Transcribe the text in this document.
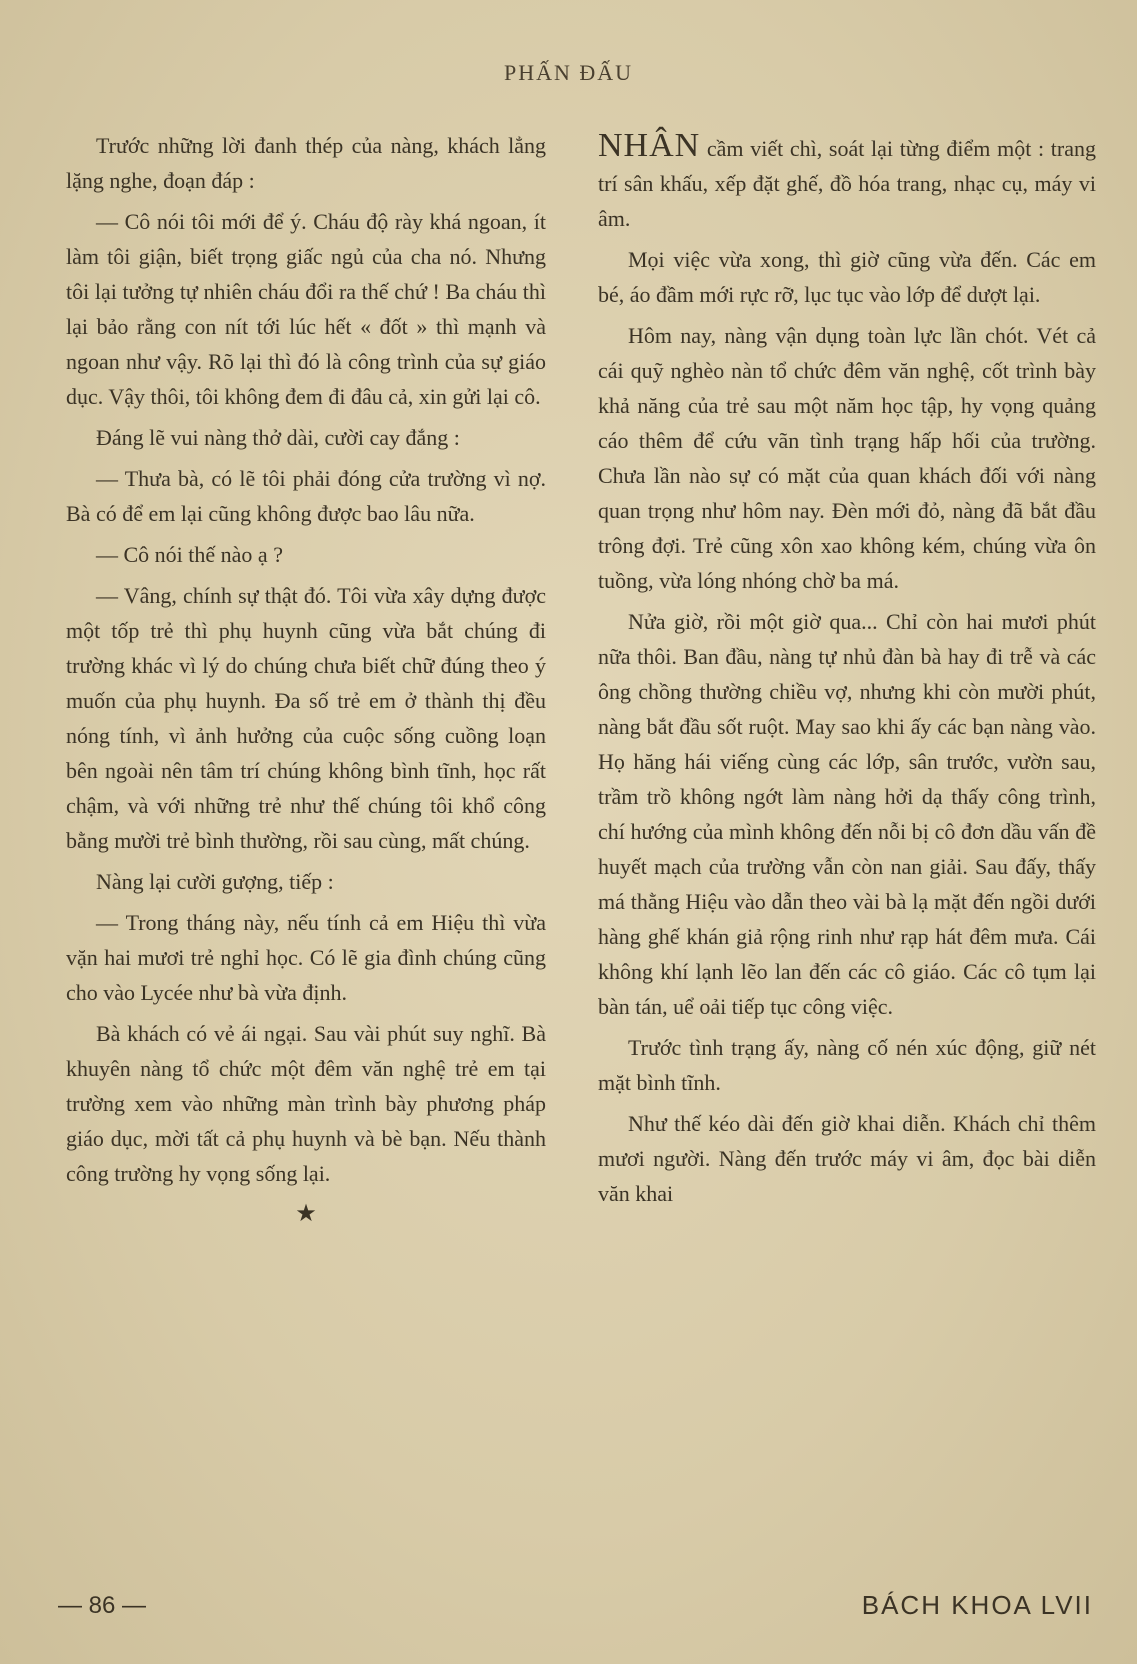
PHẤN ĐẤU

Trước những lời đanh thép của nàng, khách lẳng lặng nghe, đoạn đáp :

— Cô nói tôi mới để ý. Cháu độ rày khá ngoan, ít làm tôi giận, biết trọng giấc ngủ của cha nó. Nhưng tôi lại tưởng tự nhiên cháu đổi ra thế chứ ! Ba cháu thì lại bảo rằng con nít tới lúc hết « đốt » thì mạnh và ngoan như vậy. Rõ lại thì đó là công trình của sự giáo dục. Vậy thôi, tôi không đem đi đâu cả, xin gửi lại cô.

Đáng lẽ vui nàng thở dài, cười cay đắng :

— Thưa bà, có lẽ tôi phải đóng cửa trường vì nợ. Bà có để em lại cũng không được bao lâu nữa.

— Cô nói thế nào ạ ?

— Vâng, chính sự thật đó. Tôi vừa xây dựng được một tốp trẻ thì phụ huynh cũng vừa bắt chúng đi trường khác vì lý do chúng chưa biết chữ đúng theo ý muốn của phụ huynh. Đa số trẻ em ở thành thị đều nóng tính, vì ảnh hưởng của cuộc sống cuồng loạn bên ngoài nên tâm trí chúng không bình tĩnh, học rất chậm, và với những trẻ như thế chúng tôi khổ công bằng mười trẻ bình thường, rồi sau cùng, mất chúng.

Nàng lại cười gượng, tiếp :

— Trong tháng này, nếu tính cả em Hiệu thì vừa vặn hai mươi trẻ nghỉ học. Có lẽ gia đình chúng cũng cho vào Lycée như bà vừa định.

Bà khách có vẻ ái ngại. Sau vài phút suy nghĩ. Bà khuyên nàng tổ chức một đêm văn nghệ trẻ em tại trường xem vào những màn trình bày phương pháp giáo dục, mời tất cả phụ huynh và bè bạn. Nếu thành công trường hy vọng sống lại.

★

NHÂN cầm viết chì, soát lại từng điểm một : trang trí sân khấu, xếp đặt ghế, đồ hóa trang, nhạc cụ, máy vi âm.

Mọi việc vừa xong, thì giờ cũng vừa đến. Các em bé, áo đầm mới rực rỡ, lục tục vào lớp để dượt lại.

Hôm nay, nàng vận dụng toàn lực lần chót. Vét cả cái quỹ nghèo nàn tổ chức đêm văn nghệ, cốt trình bày khả năng của trẻ sau một năm học tập, hy vọng quảng cáo thêm để cứu vãn tình trạng hấp hối của trường. Chưa lần nào sự có mặt của quan khách đối với nàng quan trọng như hôm nay. Đèn mới đỏ, nàng đã bắt đầu trông đợi. Trẻ cũng xôn xao không kém, chúng vừa ôn tuồng, vừa lóng nhóng chờ ba má.

Nửa giờ, rồi một giờ qua... Chỉ còn hai mươi phút nữa thôi. Ban đầu, nàng tự nhủ đàn bà hay đi trễ và các ông chồng thường chiều vợ, nhưng khi còn mười phút, nàng bắt đầu sốt ruột. May sao khi ấy các bạn nàng vào. Họ hăng hái viếng cùng các lớp, sân trước, vườn sau, trầm trồ không ngớt làm nàng hởi dạ thấy công trình, chí hướng của mình không đến nỗi bị cô đơn dầu vấn đề huyết mạch của trường vẫn còn nan giải. Sau đấy, thấy má thằng Hiệu vào dẫn theo vài bà lạ mặt đến ngồi dưới hàng ghế khán giả rộng rinh như rạp hát đêm mưa. Cái không khí lạnh lẽo lan đến các cô giáo. Các cô tụm lại bàn tán, uể oải tiếp tục công việc.

Trước tình trạng ấy, nàng cố nén xúc động, giữ nét mặt bình tĩnh.

Như thế kéo dài đến giờ khai diễn. Khách chỉ thêm mươi người. Nàng đến trước máy vi âm, đọc bài diễn văn khai

— 86 —	BÁCH KHOA LVII
